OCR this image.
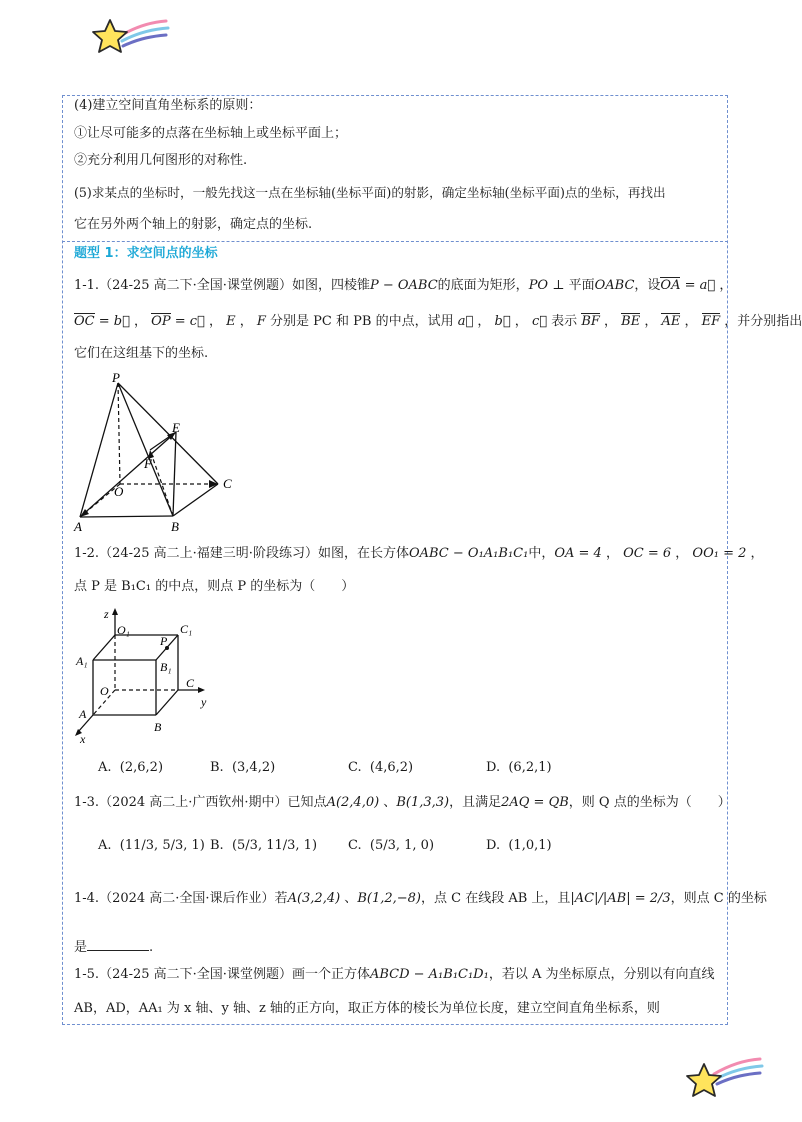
(4)建立空间直角坐标系的原则：
①让尽可能多的点落在坐标轴上或坐标平面上；
②充分利用几何图形的对称性.
(5)求某点的坐标时，一般先找这一点在坐标轴(坐标平面)的射影，确定坐标轴(坐标平面)点的坐标，再找出
它在另外两个轴上的射影，确定点的坐标.
题型 1：求空间点的坐标
1-1.（24-25 高二下·全国·课堂例题）如图，四棱锥P − OABC的底面为矩形，PO ⊥ 平面OABC，设OA = a⃗ ，
OC = b⃗ ， OP = c⃗ ， E ， F 分别是 PC 和 PB 的中点，试用 a⃗ ， b⃗ ， c⃗ 表示 BF ， BE ， AE ， EF ，并分别指出
它们在这组基下的坐标.
P
E
F
O
C
A	B
1-2.（24-25 高二上·福建三明·阶段练习）如图，在长方体OABC − O₁A₁B₁C₁中，OA = 4 ， OC = 6 ， OO₁ = 2 ，
点 P 是 B₁C₁ 的中点，则点 P 的坐标为（　　）
z
O₁	C₁
P
A₁	B₁
O
C
y
A
B
x
A. (2,6,2)	B. (3,4,2)	C. (4,6,2)	D. (6,2,1)
1-3.（2024 高二上·广西钦州·期中）已知点A(2,4,0) 、B(1,3,3)，且满足2AQ = QB，则 Q 点的坐标为（　　）
A. (11/3, 5/3, 1) B. (5/3, 11/3, 1) C. (5/3, 1, 0)	D. (1,0,1)
1-4.（2024 高二·全国·课后作业）若A(3,2,4) 、B(1,2,−8)，点 C 在线段 AB 上，且|AC|/|AB| = 2/3，则点 C 的坐标
是	.
1-5.（24-25 高二下·全国·课堂例题）画一个正方体ABCD − A₁B₁C₁D₁，若以 A 为坐标原点，分别以有向直线
AB，AD，AA₁ 为 x 轴、y 轴、z 轴的正方向，取正方体的棱长为单位长度，建立空间直角坐标系，则
